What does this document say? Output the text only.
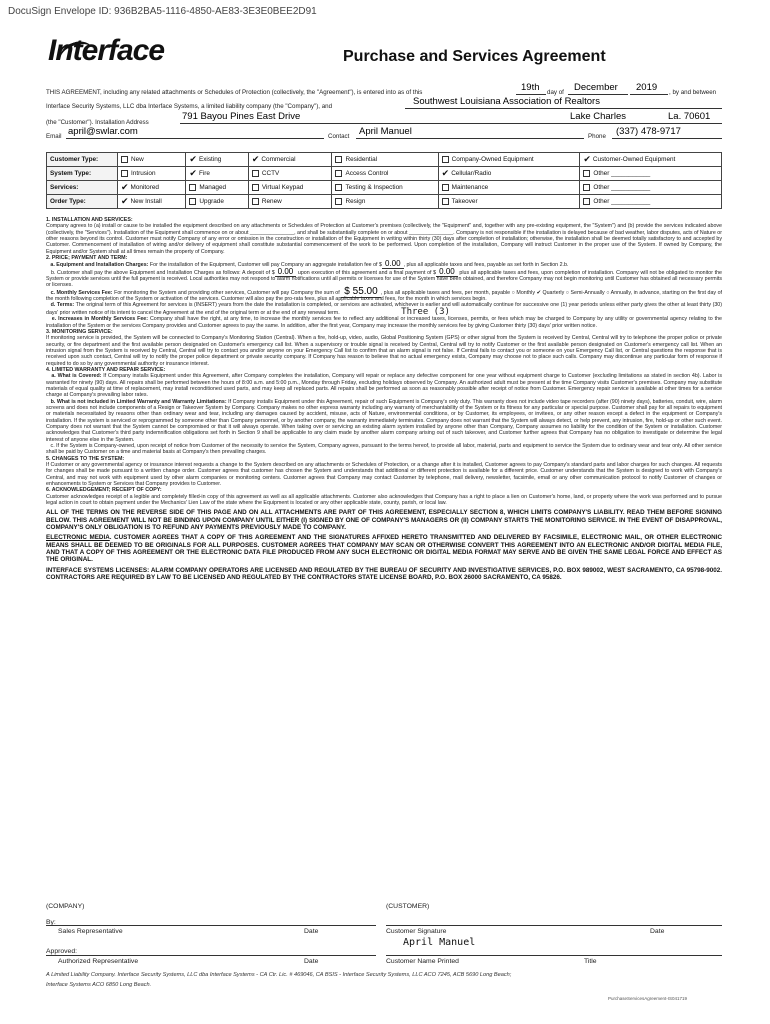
DocuSign Envelope ID: 936B2BA5-1116-4850-AE83-3E3E0BEE2D91
Interface	Purchase and Services Agreement
THIS AGREEMENT, including any related attachments or Schedules of Protection (collectively, the "Agreement"), is entered into as of this	19th day of December 2019 , by and between
Interface Security Systems, LLC dba Interface Systems, a limited liability company (the "Company"), and	Southwest Louisiana Association of Realtors
(the "Customer"). Installation Address
791 Bayou Pines East Drive	Lake Charles	La. 70601
Email april@swlar.com	Contact April Manuel	Phone (337) 478-9717
Customer Type:	New	✔ Existing	✔ Commercial	Residential	Company-Owned Equipment	✔ Customer-Owned Equipment
System Type:	Intrusion	✔ Fire	CCTV	Access Control	✔ Cellular/Radio	Other ___________
Services:	✔ Monitored	Managed	Virtual Keypad	Testing & Inspection	Maintenance	Other ___________
Order Type:	✔ New Install	Upgrade	Renew	Resign	Takeover	Other ___________
1. INSTALLATION AND SERVICES:
Company agrees to (a) install or cause to be installed the equipment described on any attachments or Schedules of Protection at Customer's premises (collectively, the "Equipment" and, together with any pre-existing equipment, the "System") and (b) provide the services indicated above (collectively, the "Services"). Installation of the Equipment shall commence on or about _______________, and shall be substantially complete on or about _______________. Company is not responsible if the installation is delayed because of bad weather, labor disputes, acts of Nature or other reasons beyond its control. Customer must notify Company of any error or omission in the construction or installation of the Equipment in writing within thirty (30) days after completion of installation; otherwise, the installation shall be deemed totally satisfactory to and accepted by Customer. Commencement of installation of wiring and/or delivery of equipment shall constitute substantial commencement of the work to be performed. Upon completion of the installation, Company will instruct Customer in the proper use of the System. If owned by Company, the Equipment and/or System shall at all times remain the property of Company.
2. PRICE; PAYMENT AND TERM:
a. Equipment and Installation Charges: For the installation of the Equipment, Customer will pay Company an aggregate installation fee of $ 0.00 , plus all applicable taxes and fees, payable as set forth in Section 2.b.
b. Customer shall pay the above Equipment and Installation Charges as follows: A deposit of $ 0.00 upon execution of this agreement and a final payment of $ 0.00 plus all applicable taxes and fees, upon completion of installation. Company will not be obligated to monitor the System or provide services until the full payment is received. Local authorities may not respond to alarm notifications until all permits or licenses for use of the System have been obtained, and therefore Company may not begin monitoring until Customer has obtained all necessary permits or licenses.
c. Monthly Services Fee: For monitoring the System and providing other services, Customer will pay Company the sum of $ 55.00 , plus all applicable taxes and fees, per month, payable ○ Monthly ✔ Quarterly ○ Semi-Annually ○ Annually, in advance, starting on the first day of the month following completion of the System or activation of the services. Customer will also pay the pro-rata fees, plus all applicable taxes and fees, for the month in which services begin.
d. Terms: The original term of this Agreement for services is (INSERT) years from the date the installation is completed, or services are activated, whichever is earlier and will automatically continue for successive one (1) year periods unless either party gives the other at least thirty (30) days' prior written notice of its intent to cancel the Agreement at the end of the original term or at the end of any renewal term.	Three (3)
e. Increases in Monthly Services Fee: Company shall have the right, at any time, to increase the monthly services fee to reflect any additional or increased taxes, licenses, permits, or fees which may be charged to Company by any utility or governmental agency relating to the installation of the System or the services Company provides and Customer agrees to pay the same. In addition, after the first year, Company may increase the monthly services fee by giving Customer thirty (30) days' prior written notice.
3. MONITORING SERVICE:
If monitoring service is provided, the System will be connected to Company's Monitoring Station (Central). When a fire, hold-up, video, audio, Global Positioning System (GPS) or other signal from the System is received by Central, Central will try to telephone the proper police or private security, or fire department and the first available person designated on Customer's emergency call list. When a supervisory or trouble signal is received by Central, Central will try to notify Customer or the first available person designated on Customer's emergency call list. When an intrusion signal from the System is received by Central, Central will try to contact you and/or anyone on your Emergency Call list to confirm that an alarm signal is not false. If Central fails to contact you or someone on your Emergency Call list, or Central questions the response that is received upon such contact, Central will try to notify the proper police department or private security company. If Company has reason to believe that no actual emergency exists, Company may choose not to place such calls. Company may discontinue any particular form of response if required to do so by any governmental authority or insurance interest.
4. LIMITED WARRANTY AND REPAIR SERVICE:
a. What is Covered: If Company installs Equipment under this Agreement, after Company completes the installation, Company will repair or replace any defective component for one year without equipment charge to Customer (excluding limitations as stated in section 4b). Labor is warranted for ninety (90) days. All repairs shall be performed between the hours of 8:00 a.m. and 5:00 p.m., Monday through Friday, excluding holidays observed by Company. An authorized adult must be present at the time Company visits Customer's premises. Company may substitute materials of equal quality at time of replacement, may install reconditioned used parts, and may keep all replaced parts. All repairs shall be performed as soon as reasonably possible after receipt of notice from Customer. Emergency repair service is available at other times for a service charge at Company's prevailing labor rates.
b. What is not included in Limited Warranty and Warranty Limitations: If Company installs Equipment under this Agreement, repair of such Equipment is Company's only duty. This warranty does not include video tape recorders (after (90) ninety days), batteries, conduit, wire, alarm screens and does not include components of a Resign or Takeover System by Company. Company makes no other express warranty including any warranty of merchantability of the System or its fitness for any particular or special purpose. Customer shall pay for all repairs to equipment or materials necessitated by reasons other than ordinary wear and tear, including any damages caused by accident, misuse, acts of Nature, environmental conditions, or by Customer, its employees, or invitees, or any other reason except a defect in the equipment or Company's installation. If the system is serviced or reprogrammed by someone other than Company personnel, or by another company, the warranty immediately terminates. Company does not warrant that the System will always detect, or help prevent, any intrusion, fire, hold-up or other such event. Company does not warrant that the System cannot be compromised or that it will always operate. When taking over or servicing an existing alarm system installed by anyone other than Company, Company assumes no liability for the condition of the System or installation. Customer acknowledges that Customer's third party indemnification obligations set forth in Section 9 shall be applicable to any claim made by another alarm company arising out of such takeover, and Customer further agrees that Company has no obligation to investigate or determine the legal interest of anyone else in the System.
c. If the System is Company-owned, upon receipt of notice from Customer of the necessity to service the System, Company agrees, pursuant to the terms hereof, to provide all labor, material, parts and equipment to service the System due to ordinary wear and tear only. All other service shall be paid by Customer on a time and material basis at Company's then prevailing charges.
5. CHANGES TO THE SYSTEM:
If Customer or any governmental agency or insurance interest requests a change to the System described on any attachments or Schedules of Protection, or a change after it is installed, Customer agrees to pay Company's standard parts and labor charges for such changes. All requests for changes shall be made pursuant to a written change order. Customer agrees that customer has chosen the System and understands that additional or different protection is available for a different price. Customer understands that the System is designed to work with Company's Central, and may not work with equipment used by other alarm companies or monitoring centers. Customer agrees that Company may contact Customer by telephone, mail delivery, newsletter, facsimile, email or any other communication protocol to notify Customer of changes or enhancements to System or Services that Company provides to Customer.
6. ACKNOWLEDGEMENT; RECEIPT OF COPY:
Customer acknowledges receipt of a legible and completely filled-in copy of this agreement as well as all applicable attachments. Customer also acknowledges that Company has a right to place a lien on Customer's home, land, or property where the work was performed and to pursue legal action in court to obtain payment under the Mechanics' Lien Law of the state where the Equipment is located or any other applicable state, county, parish, or local law.
ALL OF THE TERMS ON THE REVERSE SIDE OF THIS PAGE AND ON ALL ATTACHMENTS ARE PART OF THIS AGREEMENT, ESPECIALLY SECTION 8, WHICH LIMITS COMPANY'S LIABILITY. READ THEM BEFORE SIGNING BELOW. THIS AGREEMENT WILL NOT BE BINDING UPON COMPANY UNTIL EITHER (I) SIGNED BY ONE OF COMPANY'S MANAGERS OR (II) COMPANY STARTS THE MONITORING SERVICE. IN THE EVENT OF DISAPPROVAL, COMPANY'S ONLY OBLIGATION IS TO REFUND ANY PAYMENTS PREVIOUSLY MADE TO COMPANY.
ELECTRONIC MEDIA. CUSTOMER AGREES THAT A COPY OF THIS AGREEMENT AND THE SIGNATURES AFFIXED HERETO TRANSMITTED AND DELIVERED BY FACSIMILE, ELECTRONIC MAIL, OR OTHER ELECTRONIC MEANS SHALL BE DEEMED TO BE ORIGINALS FOR ALL PURPOSES. CUSTOMER AGREES THAT COMPANY MAY SCAN OR OTHERWISE CONVERT THIS AGREEMENT INTO AN ELECTRONIC AND/OR DIGITAL MEDIA FILE, AND THAT A COPY OF THIS AGREEMENT OR THE ELECTRONIC DATA FILE PRODUCED FROM ANY SUCH ELECTRONIC OR DIGITAL MEDIA FORMAT MAY SERVE AND BE GIVEN THE SAME LEGAL FORCE AND EFFECT AS THE ORIGINAL.
INTERFACE SYSTEMS LICENSES: ALARM COMPANY OPERATORS ARE LICENSED AND REGULATED BY THE BUREAU OF SECURITY AND INVESTIGATIVE SERVICES, P.O. BOX 989002, WEST SACRAMENTO, CA 95798-9002. CONTRACTORS ARE REQUIRED BY LAW TO BE LICENSED AND REGULATED BY THE CONTRACTORS STATE LICENSE BOARD, P.O. BOX 26000 SACRAMENTO, CA 95826.
(COMPANY)	(CUSTOMER)
By:
Sales Representative	Date	Customer Signature	Date
April Manuel
Approved:
Authorized Representative	Date	Customer Name Printed	Title
A Limited Liability Company. Interface Security Systems, LLC dba Interface Systems - CA Ctr. Lic. # 469046, CA BSIS - Interface Security Systems, LLC ACO 7245, ACB 5690 Long Beach;
Interface Systems ACO 6850 Long Beach.
PurchaseServicesAgreement-IS041719
